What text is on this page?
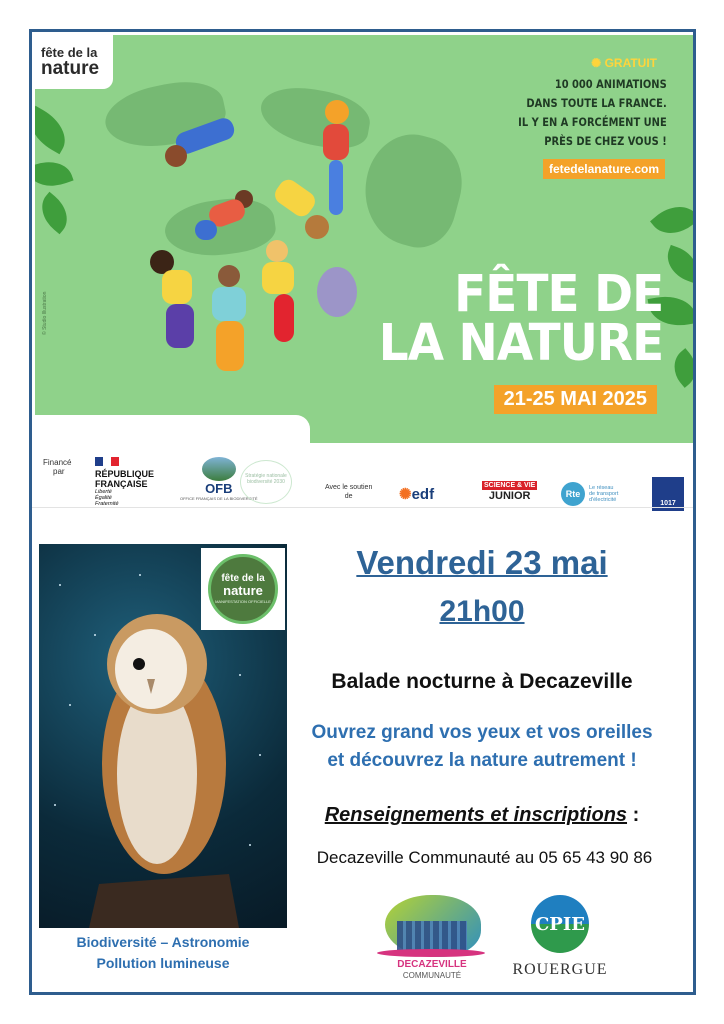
© Studio Illustration
✺ GRATUIT
10 000 ANIMATIONS
DANS TOUTE LA FRANCE.
IL Y EN A FORCÉMENT UNE
PRÈS DE CHEZ VOUS !
fetedelanature.com
FÊTE DE
LA NATURE
21-25 MAI 2025
fête de la
nature
Financé
par	RÉPUBLIQUE
FRANÇAISE
Liberté
Égalité
Fraternité
OFB
OFFICE FRANÇAIS DE LA BIODIVERSITÉ
Stratégie nationale biodiversité 2030
Avec le soutien
de	✺edf
SCIENCE & VIE
JUNIOR	Rte
Le réseau
de transport
d'électricité	1017
fête de la
nature
MANIFESTATION OFFICIELLE
Biodiversité – Astronomie
Pollution lumineuse
Vendredi 23 mai
21h00
Balade nocturne à Decazeville
Ouvrez grand vos yeux et vos oreilles
et découvrez la nature autrement !
Renseignements et inscriptions :
Decazeville Communauté au 05 65 43 90 86
DECAZEVILLE
COMMUNAUTÉ
CPIE
ROUERGUE
